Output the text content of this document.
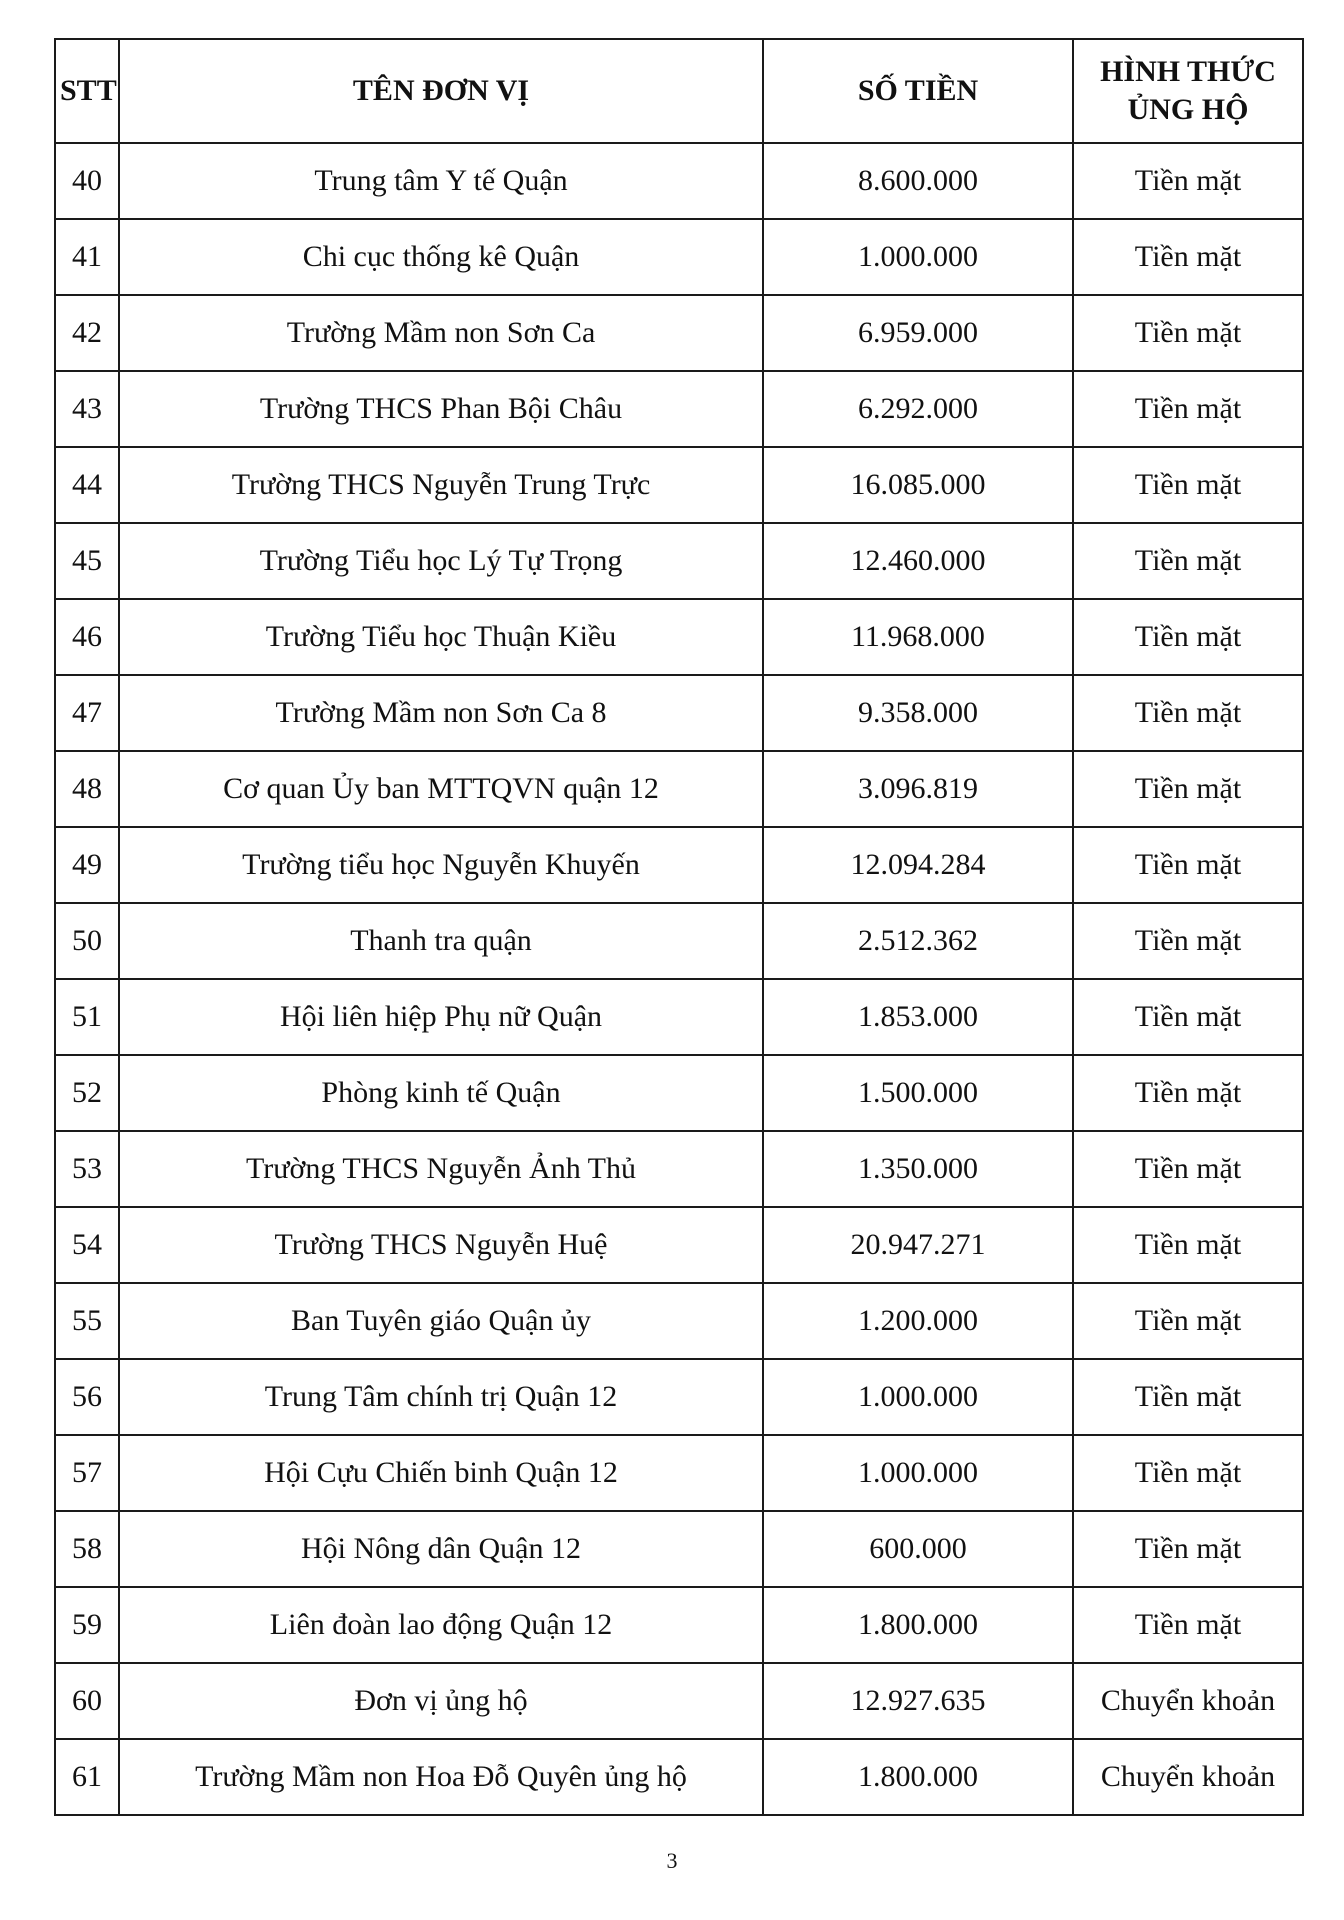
STT	TÊN ĐƠN VỊ	SỐ TIỀN	HÌNH THỨC
ỦNG HỘ
40	Trung tâm Y tế Quận	8.600.000	Tiền mặt
41	Chi cục thống kê Quận	1.000.000	Tiền mặt
42	Trường Mầm non Sơn Ca	6.959.000	Tiền mặt
43	Trường THCS Phan Bội Châu	6.292.000	Tiền mặt
44	Trường THCS Nguyễn Trung Trực	16.085.000	Tiền mặt
45	Trường Tiểu học Lý Tự Trọng	12.460.000	Tiền mặt
46	Trường Tiểu học Thuận Kiều	11.968.000	Tiền mặt
47	Trường Mầm non Sơn Ca 8	9.358.000	Tiền mặt
48	Cơ quan Ủy ban MTTQVN quận 12	3.096.819	Tiền mặt
49	Trường tiểu học Nguyễn Khuyến	12.094.284	Tiền mặt
50	Thanh tra quận	2.512.362	Tiền mặt
51	Hội liên hiệp Phụ nữ Quận	1.853.000	Tiền mặt
52	Phòng kinh tế Quận	1.500.000	Tiền mặt
53	Trường THCS Nguyễn Ảnh Thủ	1.350.000	Tiền mặt
54	Trường THCS Nguyễn Huệ	20.947.271	Tiền mặt
55	Ban Tuyên giáo Quận ủy	1.200.000	Tiền mặt
56	Trung Tâm chính trị Quận 12	1.000.000	Tiền mặt
57	Hội Cựu Chiến binh Quận 12	1.000.000	Tiền mặt
58	Hội Nông dân Quận 12	600.000	Tiền mặt
59	Liên đoàn lao động Quận 12	1.800.000	Tiền mặt
60	Đơn vị ủng hộ	12.927.635	Chuyển khoản
61	Trường Mầm non Hoa Đỗ Quyên ủng hộ	1.800.000	Chuyển khoản
3
